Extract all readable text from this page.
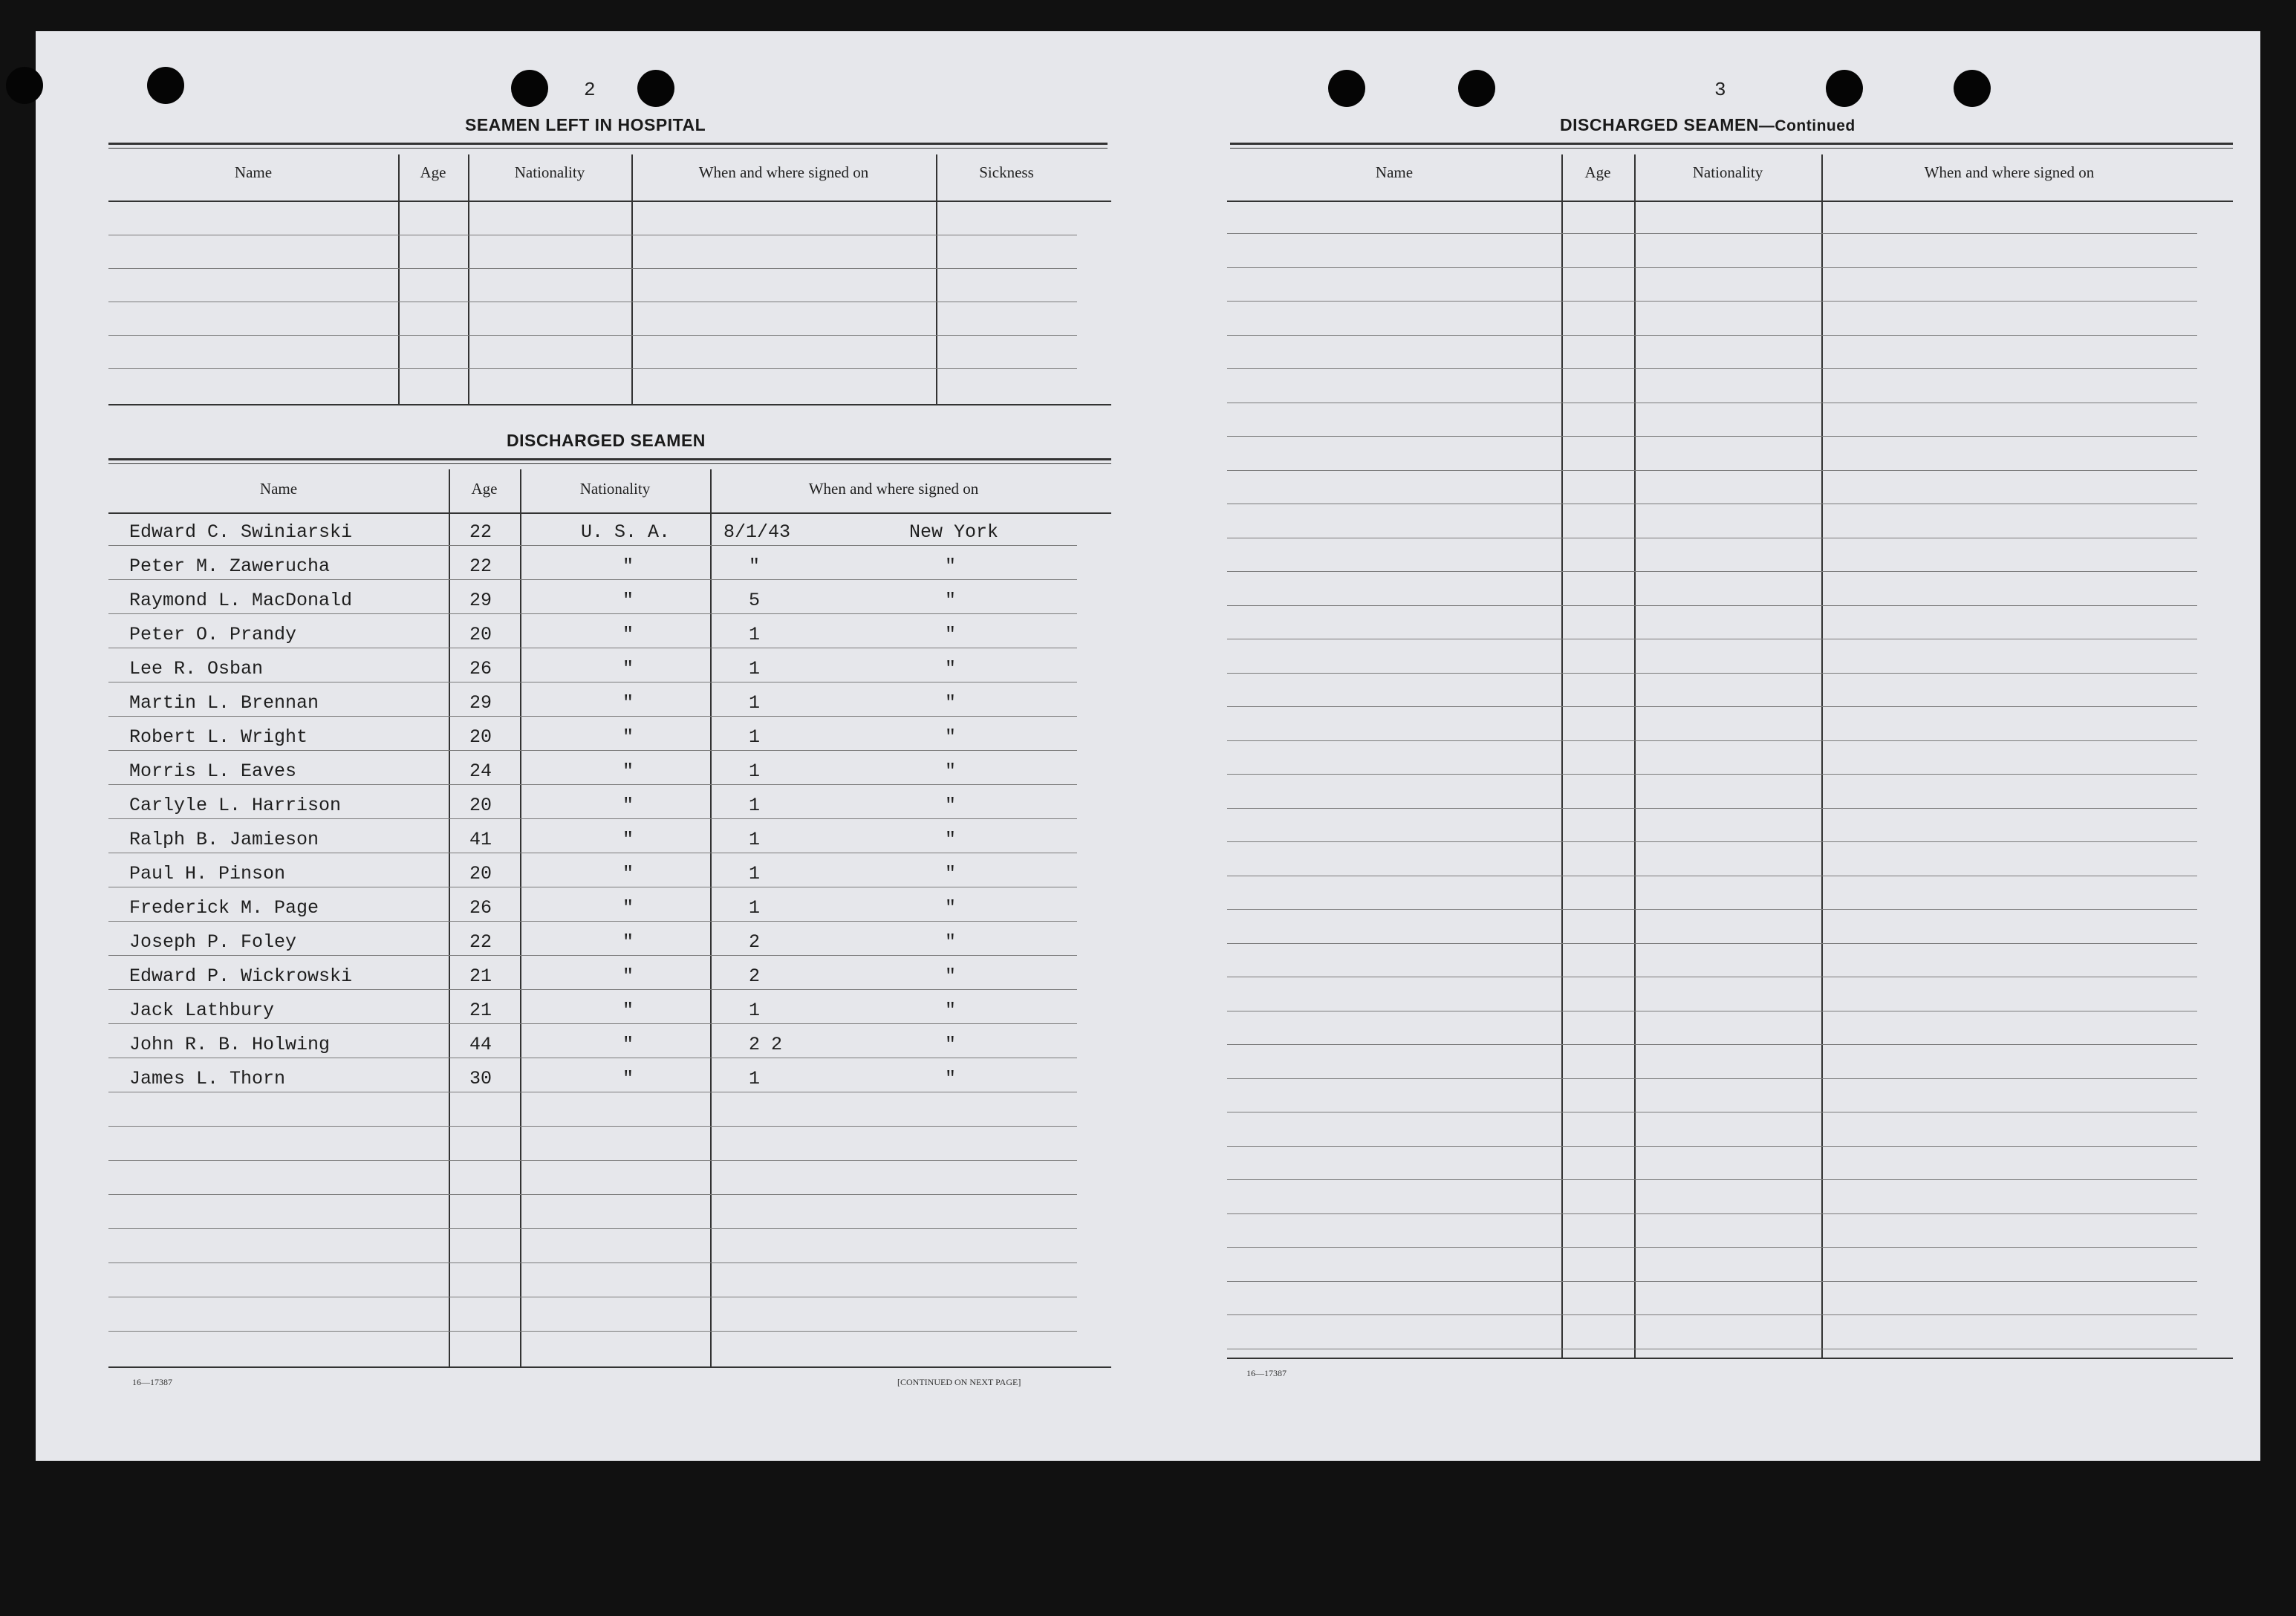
2
SEAMEN LEFT IN HOSPITAL
Name	Age	Nationality	When and where signed on	Sickness
DISCHARGED SEAMEN
Name	Age	Nationality	When and where signed on
Edward C. Swiniarski	22	U. S. A.	8/1/43	New York
Peter M. Zawerucha	22	"	"	"
Raymond L. MacDonald	29	"	5	"
Peter O. Prandy	20	"	1	"
Lee R. Osban	26	"	1	"
Martin L. Brennan	29	"	1	"
Robert L. Wright	20	"	1	"
Morris L. Eaves	24	"	1	"
Carlyle L. Harrison	20	"	1	"
Ralph B. Jamieson	41	"	1	"
Paul H. Pinson	20	"	1	"
Frederick M. Page	26	"	1	"
Joseph P. Foley	22	"	2	"
Edward P. Wickrowski	21	"	2	"
Jack Lathbury	21	"	1	"
John R. B. Holwing	44	"	2 2	"
James L. Thorn	30	"	1	"
16—17387	[CONTINUED ON NEXT PAGE]
3
DISCHARGED SEAMEN—Continued
Name	Age	Nationality	When and where signed on
16—17387
